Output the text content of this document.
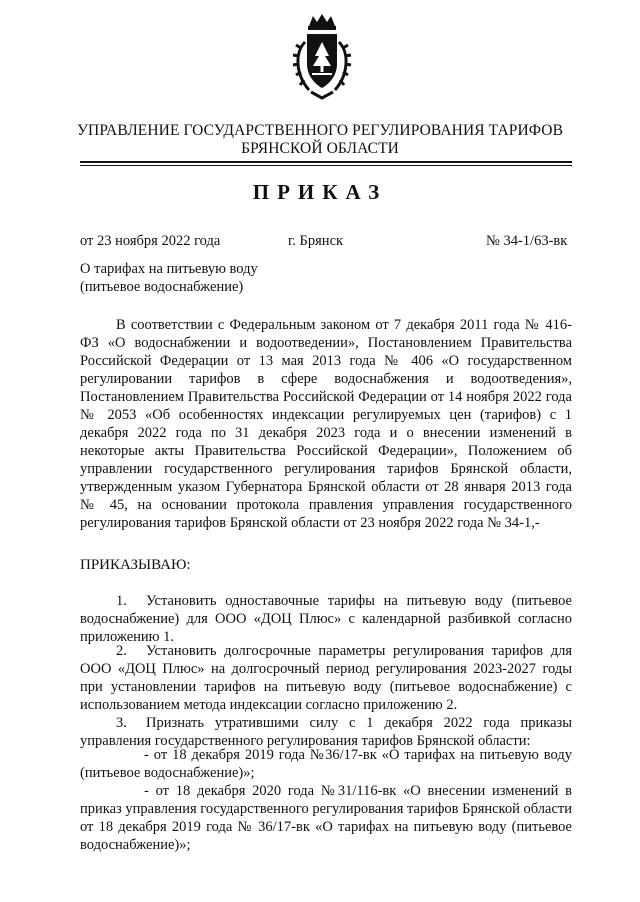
УПРАВЛЕНИЕ ГОСУДАРСТВЕННОГО РЕГУЛИРОВАНИЯ ТАРИФОВ
БРЯНСКОЙ ОБЛАСТИ
ПРИКАЗ
от 23 ноября 2022 года	г. Брянск	№ 34-1/63-вк
О тарифах на питьевую воду
(питьевое водоснабжение)
В соответствии с Федеральным законом от 7 декабря 2011 года № 416-ФЗ «О водоснабжении и водоотведении», Постановлением Правительства Российской Федерации от 13 мая 2013 года № 406 «О государственном регулировании тарифов в сфере водоснабжения и водоотведения», Постановлением Правительства Российской Федерации от 14 ноября 2022 года № 2053 «Об особенностях индексации регулируемых цен (тарифов) с 1 декабря 2022 года по 31 декабря 2023 года и о внесении изменений в некоторые акты Правительства Российской Федерации», Положением об управлении государственного регулирования тарифов Брянской области, утвержденным указом Губернатора Брянской области от 28 января 2013 года № 45, на основании протокола правления управления государственного регулирования тарифов Брянской области от 23 ноября 2022 года № 34-1,-
ПРИКАЗЫВАЮ:
1. Установить одноставочные тарифы на питьевую воду (питьевое водоснабжение) для ООО «ДОЦ Плюс» с календарной разбивкой согласно приложению 1.
2. Установить долгосрочные параметры регулирования тарифов для ООО «ДОЦ Плюс» на долгосрочный период регулирования 2023-2027 годы при установлении тарифов на питьевую воду (питьевое водоснабжение) с использованием метода индексации согласно приложению 2.
3. Признать утратившими силу с 1 декабря 2022 года приказы управления государственного регулирования тарифов Брянской области:
- от 18 декабря 2019 года №36/17-вк «О тарифах на питьевую воду (питьевое водоснабжение)»;
- от 18 декабря 2020 года №31/116-вк «О внесении изменений в приказ управления государственного регулирования тарифов Брянской области от 18 декабря 2019 года № 36/17-вк «О тарифах на питьевую воду (питьевое водоснабжение)»;
